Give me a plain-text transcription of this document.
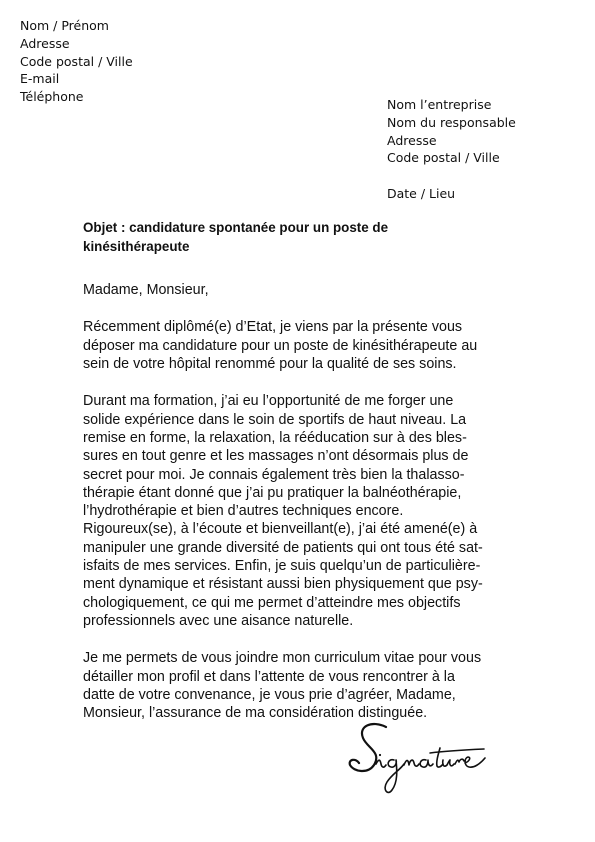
Nom / Prénom
Adresse
Code postal / Ville
E-mail
Téléphone
Nom l’entreprise
Nom du responsable
Adresse
Code postal / Ville
Date / Lieu
Objet : candidature spontanée pour un poste de
kinésithérapeute
Madame, Monsieur,
Récemment diplômé(e) d’Etat, je viens par la présente vous
déposer ma candidature pour un poste de kinésithérapeute au
sein de votre hôpital renommé pour la qualité de ses soins.
Durant ma formation, j’ai eu l’opportunité de me forger une
solide expérience dans le soin de sportifs de haut niveau. La
remise en forme, la relaxation, la rééducation sur à des bles-
sures en tout genre et les massages n’ont désormais plus de
secret pour moi. Je connais également très bien la thalasso-
thérapie étant donné que j’ai pu pratiquer la balnéothérapie,
l’hydrothérapie et bien d’autres techniques encore.
Rigoureux(se), à l’écoute et bienveillant(e), j’ai été amené(e) à
manipuler une grande diversité de patients qui ont tous été sat-
isfaits de mes services. Enfin, je suis quelqu’un de particulière-
ment dynamique et résistant aussi bien physiquement que psy-
chologiquement, ce qui me permet d’atteindre mes objectifs
professionnels avec une aisance naturelle.
Je me permets de vous joindre mon curriculum vitae pour vous
détailler mon profil et dans l’attente de vous rencontrer à la
datte de votre convenance, je vous prie d’agréer, Madame,
Monsieur, l’assurance de ma considération distinguée.
